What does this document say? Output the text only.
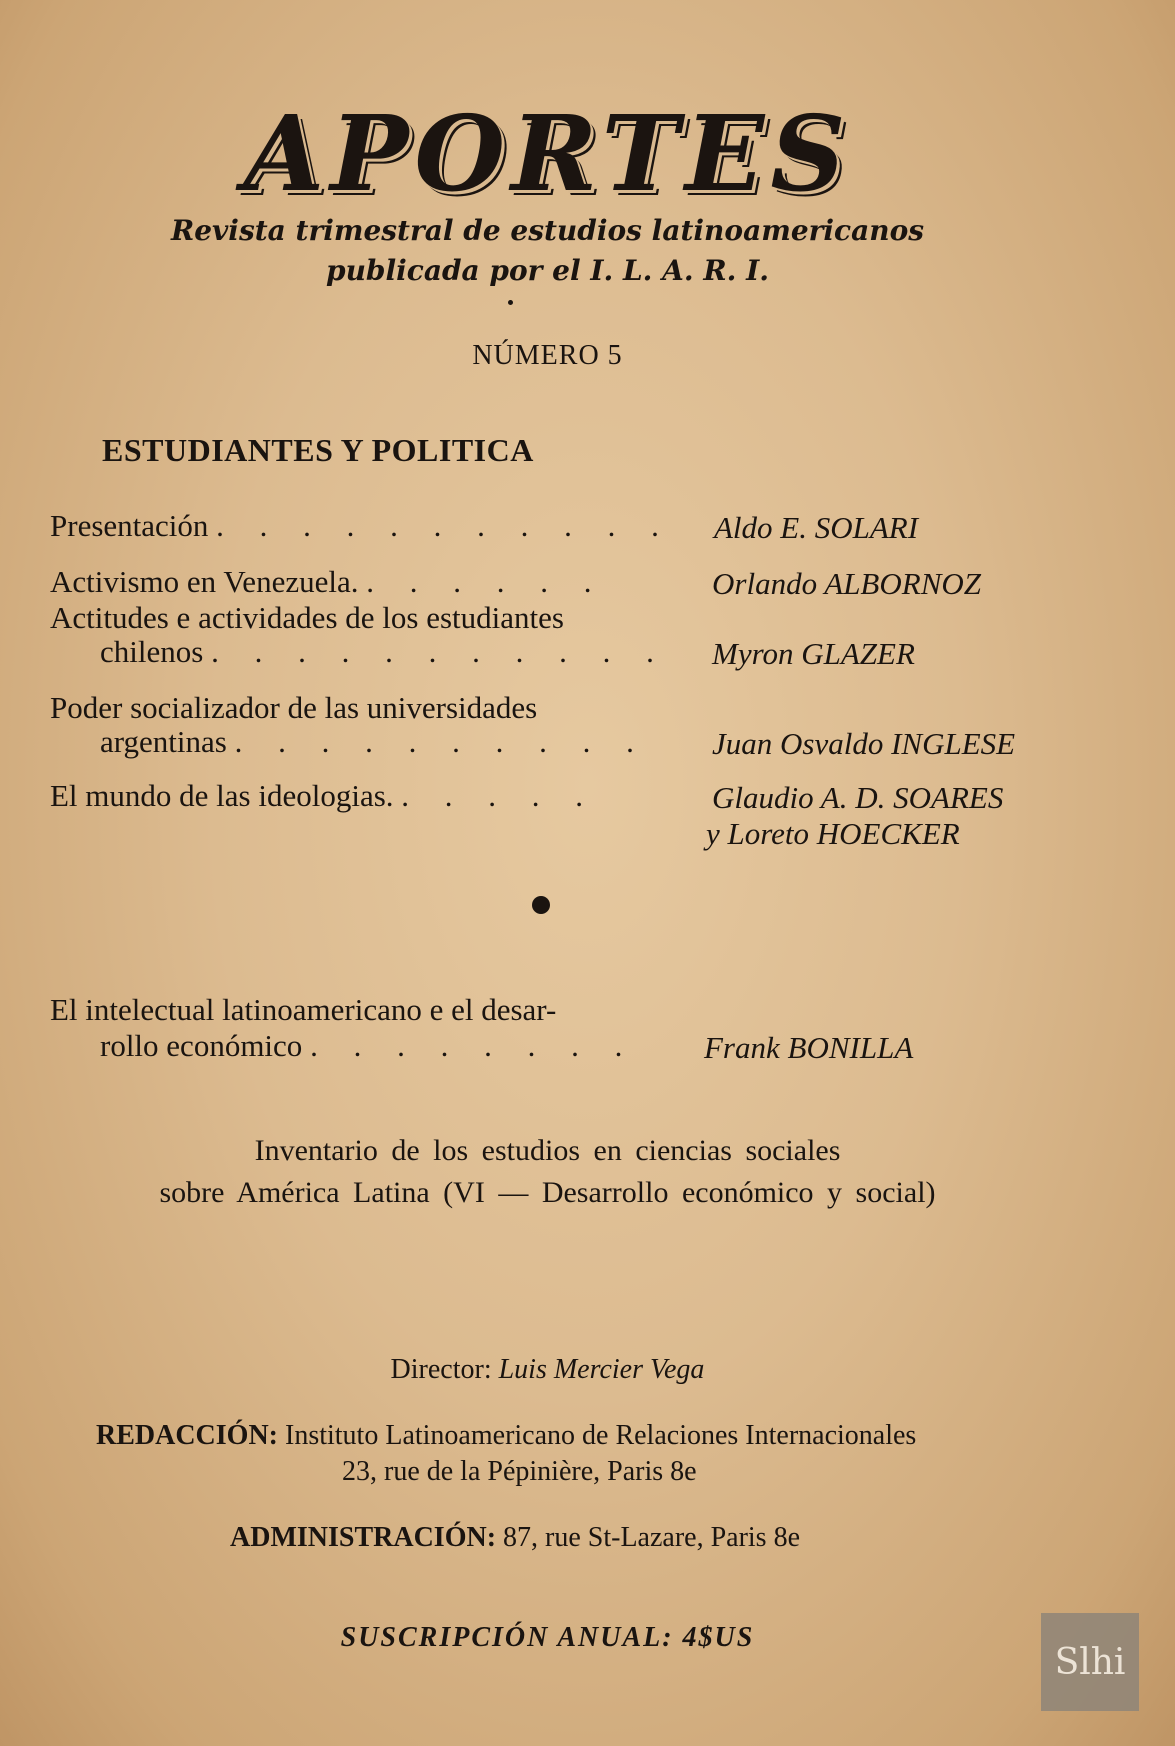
APORTES
Revista trimestral de estudios latinoamericanos
publicada por el I. L. A. R. I.
NÚMERO 5
ESTUDIANTES Y POLITICA
Presentación . . . . . . . . . . . Aldo E. SOLARI
Activismo en Venezuela. . . . . . .	Orlando ALBORNOZ
Actitudes e actividades de los estudiantes
chilenos . . . . . . . . . . . Myron GLAZER
Poder socializador de las universidades
argentinas . . . . . . . . . . Juan Osvaldo INGLESE
El mundo de las ideologias. . . . . .	Glaudio A. D. SOARES
y Loreto HOECKER
El intelectual latinoamericano e el desar-
rollo económico . . . . . . . . Frank BONILLA
Inventario de los estudios en ciencias sociales
sobre América Latina (VI — Desarrollo económico y social)
Director: Luis Mercier Vega
REDACCIÓN: Instituto Latinoamericano de Relaciones Internacionales
23, rue de la Pépinière, Paris 8e
ADMINISTRACIÓN: 87, rue St-Lazare, Paris 8e
SUSCRIPCIÓN ANUAL: 4$US
Slhi
